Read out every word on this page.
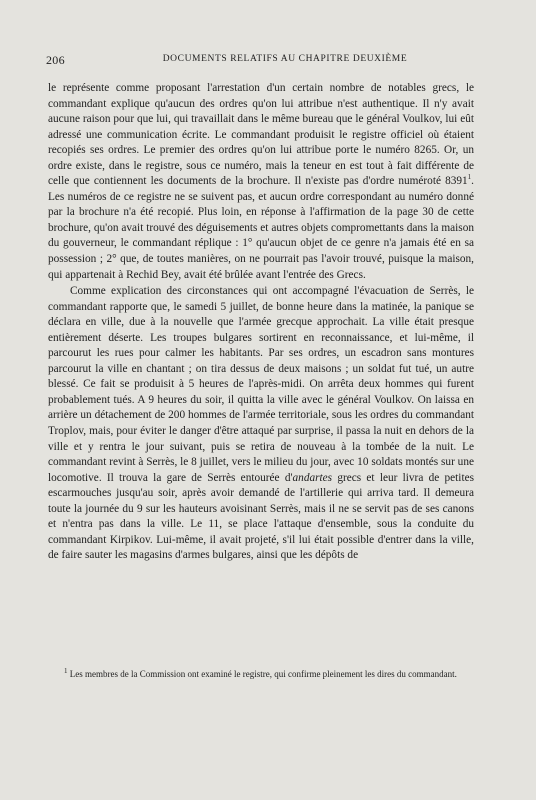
206	DOCUMENTS RELATIFS AU CHAPITRE DEUXIÈME

le représente comme proposant l'arrestation d'un certain nombre de notables grecs, le commandant explique qu'aucun des ordres qu'on lui attribue n'est authentique. Il n'y avait aucune raison pour que lui, qui travaillait dans le même bureau que le général Voulkov, lui eût adressé une communication écrite. Le commandant produisit le registre officiel où étaient recopiés ses ordres. Le premier des ordres qu'on lui attribue porte le numéro 8265. Or, un ordre existe, dans le registre, sous ce numéro, mais la teneur en est tout à fait différente de celle que contiennent les documents de la brochure. Il n'existe pas d'ordre numéroté 8391$^1$. Les numéros de ce registre ne se suivent pas, et aucun ordre correspondant au numéro donné par la brochure n'a été recopié. Plus loin, en réponse à l'affirmation de la page 30 de cette brochure, qu'on avait trouvé des déguisements et autres objets compromettants dans la maison du gouverneur, le commandant réplique : 1° qu'aucun objet de ce genre n'a jamais été en sa possession ; 2° que, de toutes manières, on ne pourrait pas l'avoir trouvé, puisque la maison, qui appartenait à Rechid Bey, avait été brûlée avant l'entrée des Grecs.

Comme explication des circonstances qui ont accompagné l'évacuation de Serrès, le commandant rapporte que, le samedi 5 juillet, de bonne heure dans la matinée, la panique se déclara en ville, due à la nouvelle que l'armée grecque approchait. La ville était presque entièrement déserte. Les troupes bulgares sortirent en reconnaissance, et lui-même, il parcourut les rues pour calmer les habitants. Par ses ordres, un escadron sans montures parcourut la ville en chantant ; on tira dessus de deux maisons ; un soldat fut tué, un autre blessé. Ce fait se produisit à 5 heures de l'après-midi. On arrêta deux hommes qui furent probablement tués. A 9 heures du soir, il quitta la ville avec le général Voulkov. On laissa en arrière un détachement de 200 hommes de l'armée territoriale, sous les ordres du commandant Troplov, mais, pour éviter le danger d'être attaqué par surprise, il passa la nuit en dehors de la ville et y rentra le jour suivant, puis se retira de nouveau à la tombée de la nuit. Le commandant revint à Serrès, le 8 juillet, vers le milieu du jour, avec 10 soldats montés sur une locomotive. Il trouva la gare de Serrès entourée d'andartes grecs et leur livra de petites escarmouches jusqu'au soir, après avoir demandé de l'artillerie qui arriva tard. Il demeura toute la journée du 9 sur les hauteurs avoisinant Serrès, mais il ne se servit pas de ses canons et n'entra pas dans la ville. Le 11, se place l'attaque d'ensemble, sous la conduite du commandant Kirpikov. Lui-même, il avait projeté, s'il lui était possible d'entrer dans la ville, de faire sauter les magasins d'armes bulgares, ainsi que les dépôts de

$^1$ Les membres de la Commission ont examiné le registre, qui confirme pleinement les dires du commandant.
